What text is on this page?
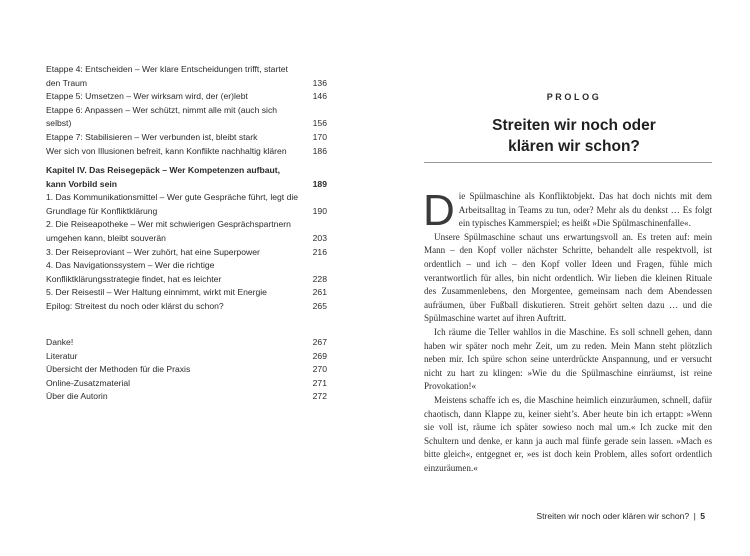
Etappe 4: Entscheiden – Wer klare Entscheidungen trifft, startet den Traum	136
Etappe 5: Umsetzen – Wer wirksam wird, der (er)lebt	146
Etappe 6: Anpassen – Wer schützt, nimmt alle mit (auch sich selbst)	156
Etappe 7: Stabilisieren – Wer verbunden ist, bleibt stark	170
Wer sich von Illusionen befreit, kann Konflikte nachhaltig klären	186
Kapitel IV. Das Reisegepäck – Wer Kompetenzen aufbaut, kann Vorbild sein	189
1. Das Kommunikationsmittel – Wer gute Gespräche führt, legt die Grundlage für Konfliktklärung	190
2. Die Reiseapotheke – Wer mit schwierigen Gesprächspartnern umgehen kann, bleibt souverän	203
3. Der Reiseproviant – Wer zuhört, hat eine Superpower	216
4. Das Navigationssystem – Wer die richtige Konfliktklärungsstrategie findet, hat es leichter	228
5. Der Reisestil – Wer Haltung einnimmt, wirkt mit Energie	261
Epilog: Streitest du noch oder klärst du schon?	265
Danke!	267
Literatur	269
Übersicht der Methoden für die Praxis	270
Online-Zusatzmaterial	271
Über die Autorin	272
PROLOG
Streiten wir noch oder
klären wir schon?

Die Spülmaschine als Konfliktobjekt. Das hat doch nichts mit dem Arbeitsalltag in Teams zu tun, oder? Mehr als du denkst … Es folgt ein typisches Kammerspiel; es heißt »Die Spülmaschinenfalle«.

Unsere Spülmaschine schaut uns erwartungsvoll an. Es treten auf: mein Mann – den Kopf voller nächster Schritte, behandelt alle respektvoll, ist ordentlich – und ich – den Kopf voller Ideen und Fragen, fühle mich verantwortlich für alles, bin nicht ordentlich. Wir lieben die kleinen Rituale des Zusammenlebens, den Morgentee, gemeinsam nach dem Abendessen aufräumen, über Fußball diskutieren. Streit gehört selten dazu … und die Spülmaschine wartet auf ihren Auftritt.

Ich räume die Teller wahllos in die Maschine. Es soll schnell gehen, dann haben wir später noch mehr Zeit, um zu reden. Mein Mann steht plötzlich neben mir. Ich spüre schon seine unterdrückte Anspannung, und er versucht nicht zu hart zu klingen: »Wie du die Spülmaschine einräumst, ist reine Provokation!«

Meistens schaffe ich es, die Maschine heimlich einzuräumen, schnell, dafür chaotisch, dann Klappe zu, keiner sieht’s. Aber heute bin ich ertappt: »Wenn sie voll ist, räume ich später sowieso noch mal um.« Ich zucke mit den Schultern und denke, er kann ja auch mal fünfe gerade sein lassen. »Mach es bitte gleich«, entgegnet er, »es ist doch kein Problem, alles sofort ordentlich einzuräumen.«

Streiten wir noch oder klären wir schon? | 5
